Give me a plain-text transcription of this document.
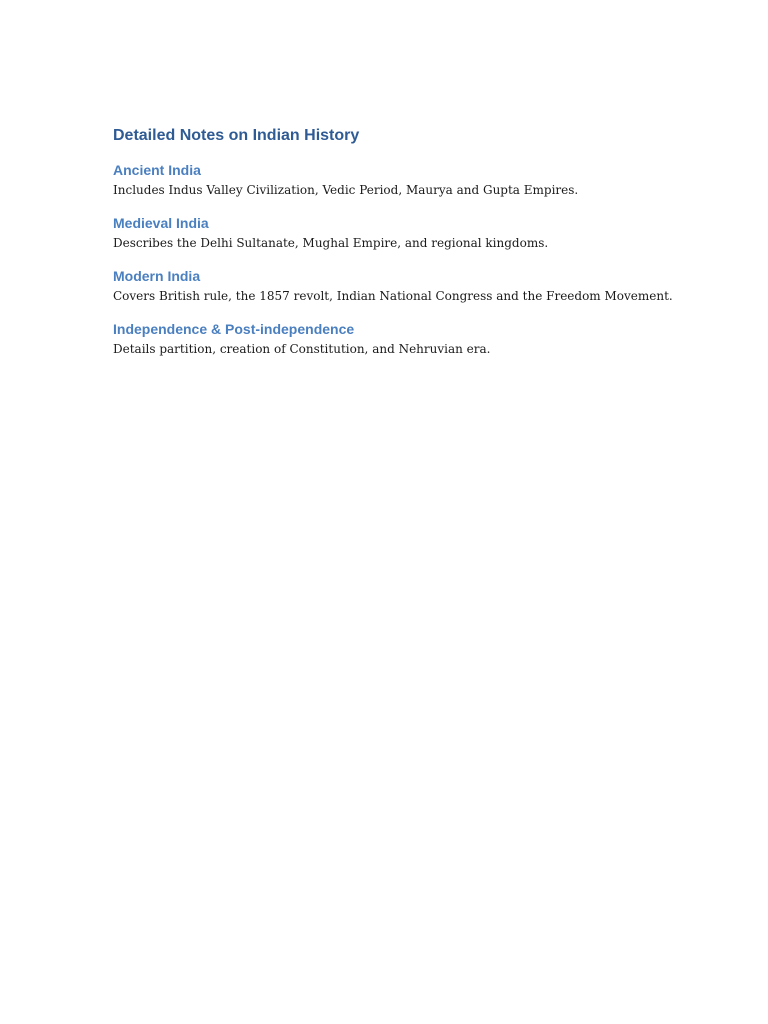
Detailed Notes on Indian History
Ancient India

Includes Indus Valley Civilization, Vedic Period, Maurya and Gupta Empires.

Medieval India

Describes the Delhi Sultanate, Mughal Empire, and regional kingdoms.

Modern India

Covers British rule, the 1857 revolt, Indian National Congress and the Freedom Movement.

Independence & Post-independence

Details partition, creation of Constitution, and Nehruvian era.
